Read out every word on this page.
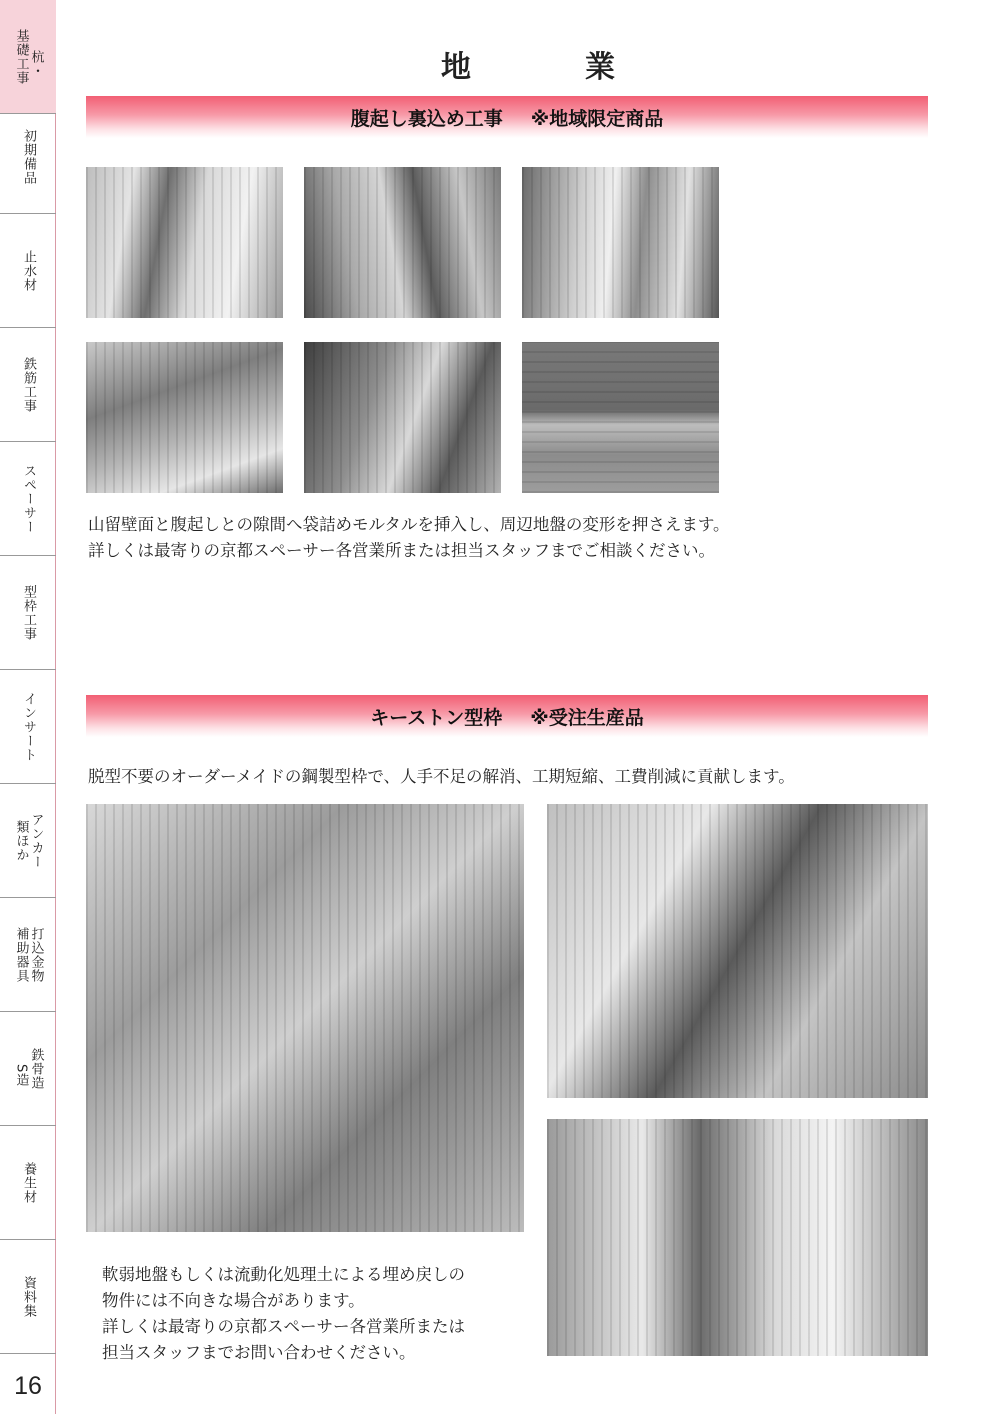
基礎工事 杭・
初期備品
止水材
鉄筋工事
スペーサー
型枠工事
インサート
類ほか アンカー
補助器具 打込金物
S造 鉄骨造
養生材
資料集
16
地　業
腹起し裏込め工事 ※地域限定商品
山留壁面と腹起しとの隙間へ袋詰めモルタルを挿入し、周辺地盤の変形を押さえます。
詳しくは最寄りの京都スペーサー各営業所または担当スタッフまでご相談ください。
キーストン型枠 ※受注生産品
脱型不要のオーダーメイドの鋼製型枠で、人手不足の解消、工期短縮、工費削減に貢献します。
軟弱地盤もしくは流動化処理土による埋め戻しの
物件には不向きな場合があります。
詳しくは最寄りの京都スペーサー各営業所または
担当スタッフまでお問い合わせください。
